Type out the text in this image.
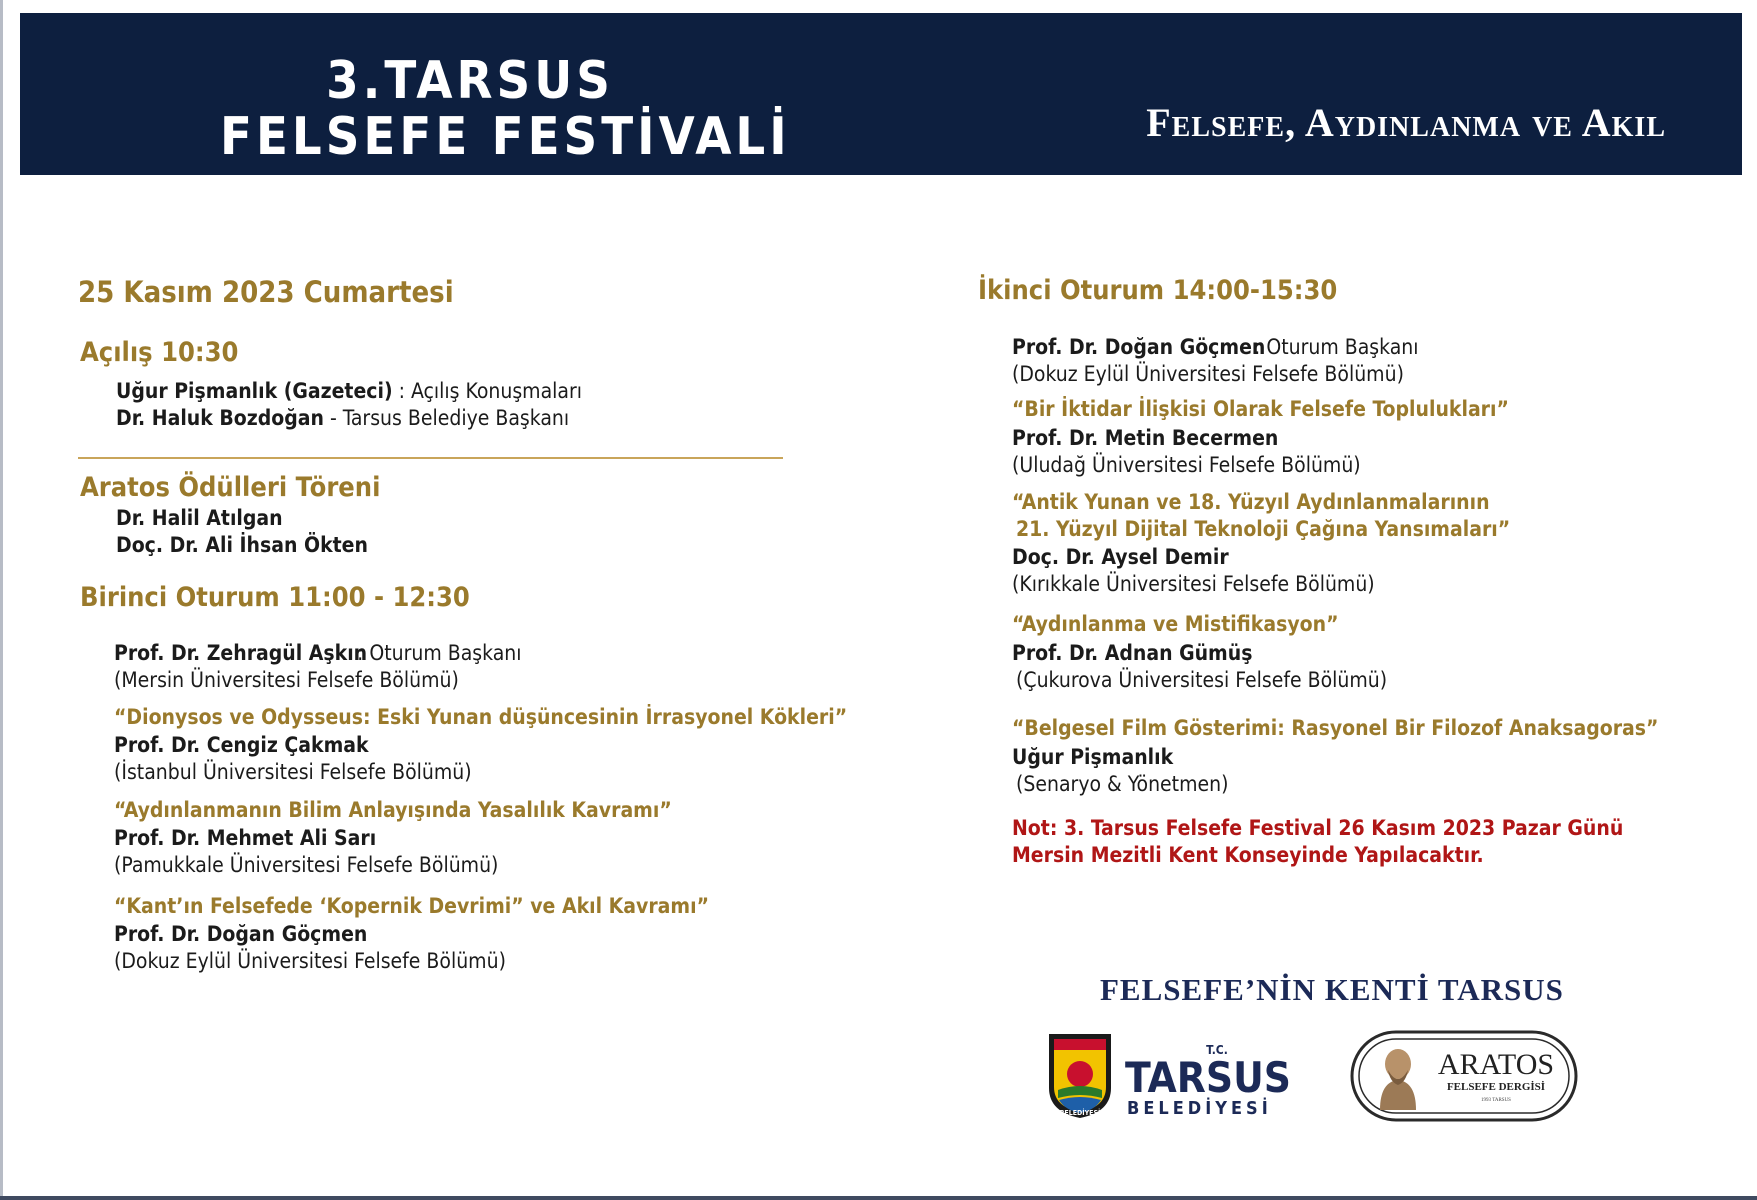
3.TARSUS
FELSEFE FESTİVALİ	Felsefe, Aydınlanma ve Akıl
25 Kasım 2023 Cumartesi
Açılış 10:30
Uğur Pişmanlık (Gazeteci) : Açılış Konuşmaları
Dr. Haluk Bozdoğan - Tarsus Belediye Başkanı
Aratos Ödülleri Töreni
Dr. Halil Atılgan
Doç. Dr. Ali İhsan Ökten
Birinci Oturum 11:00 - 12:30
Prof. Dr. Zehragül Aşkın
: Oturum Başkanı
(Mersin Üniversitesi Felsefe Bölümü)
“Dionysos ve Odysseus: Eski Yunan düşüncesinin İrrasyonel Kökleri”
Prof. Dr. Cengiz Çakmak
(İstanbul Üniversitesi Felsefe Bölümü)
“Aydınlanmanın Bilim Anlayışında Yasalılık Kavramı”
Prof. Dr. Mehmet Ali Sarı
(Pamukkale Üniversitesi Felsefe Bölümü)
“Kant’ın Felsefede ‘Kopernik Devrimi” ve Akıl Kavramı”
Prof. Dr. Doğan Göçmen
(Dokuz Eylül Üniversitesi Felsefe Bölümü)
İkinci Oturum 14:00-15:30
Prof. Dr. Doğan Göçmen
: Oturum Başkanı
(Dokuz Eylül Üniversitesi Felsefe Bölümü)
“Bir İktidar İlişkisi Olarak Felsefe Toplulukları”
Prof. Dr. Metin Becermen
(Uludağ Üniversitesi Felsefe Bölümü)
“Antik Yunan ve 18. Yüzyıl Aydınlanmalarının
21. Yüzyıl Dijital Teknoloji Çağına Yansımaları”
Doç. Dr. Aysel Demir
(Kırıkkale Üniversitesi Felsefe Bölümü)
“Aydınlanma ve Mistifikasyon”
Prof. Dr. Adnan Gümüş
(Çukurova Üniversitesi Felsefe Bölümü)
“Belgesel Film Gösterimi: Rasyonel Bir Filozof Anaksagoras”
Uğur Pişmanlık
(Senaryo & Yönetmen)
Not: 3. Tarsus Felsefe Festival 26 Kasım 2023 Pazar Günü
Mersin Mezitli Kent Konseyinde Yapılacaktır.
FELSEFE’NİN KENTİ TARSUS
BELEDİYESİ
T.C.
TARSUS
BELEDİYESİ
ARATOS
FELSEFE DERGİSİ
1993 TARSUS
